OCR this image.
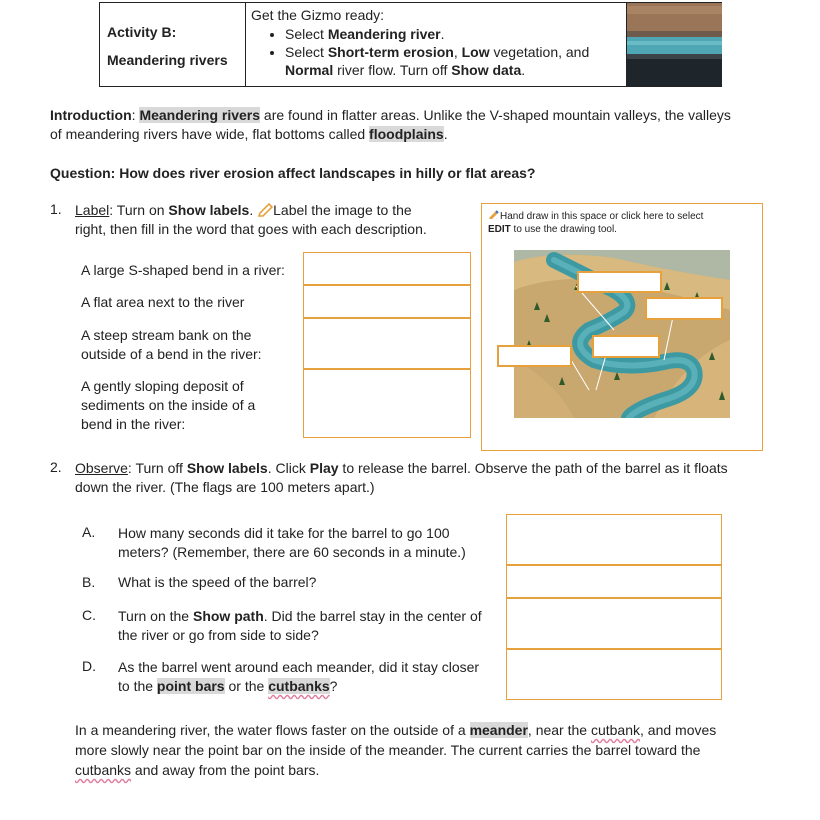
Activity B:
Meandering rivers
Get the Gizmo ready:
• Select Meandering river.
• Select Short-term erosion, Low vegetation, and
Normal river flow. Turn off Show data.
Introduction: Meandering rivers are found in flatter areas. Unlike the V-shaped mountain valleys, the valleys
of meandering rivers have wide, flat bottoms called floodplains.
Question: How does river erosion affect landscapes in hilly or flat areas?
1. Label: Turn on Show labels. Label the image to the
right, then fill in the word that goes with each description.
A large S-shaped bend in a river:
A flat area next to the river
A steep stream bank on the
outside of a bend in the river:
A gently sloping deposit of
sediments on the inside of a
bend in the river:
Hand draw in this space or click here to select
EDIT to use the drawing tool.
2. Observe: Turn off Show labels. Click Play to release the barrel. Observe the path of the barrel as it floats
down the river. (The flags are 100 meters apart.)
A. How many seconds did it take for the barrel to go 100
meters? (Remember, there are 60 seconds in a minute.)
B. What is the speed of the barrel?
C. Turn on the Show path. Did the barrel stay in the center of
the river or go from side to side?
D. As the barrel went around each meander, did it stay closer
to the point bars or the cutbanks?
In a meandering river, the water flows faster on the outside of a meander, near the cutbank, and moves
more slowly near the point bar on the inside of the meander. The current carries the barrel toward the
cutbanks and away from the point bars.
